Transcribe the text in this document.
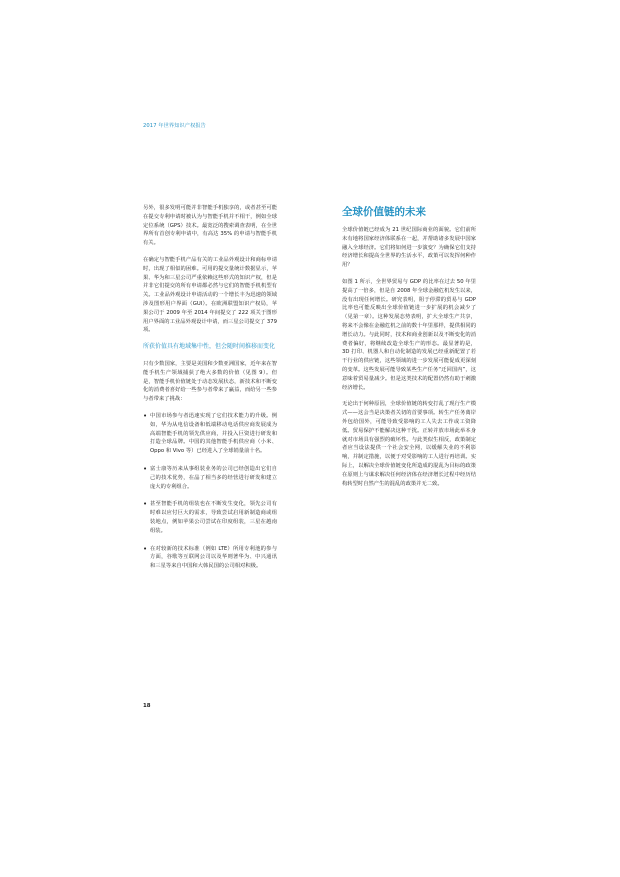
2017 年世界知识产权报告

另外，很多发明可能并非智能手机独享的，或者甚至可能在提交专利申请时被认为与智能手机并不相干，例如全球定位系统（GPS）技术。最宽泛的搜索调查表明，在全世界所有首创专利申请中，有高达 35% 的申请与智能手机有关。

在确定与智能手机产品有关的工业品外观设计和商标申请时，出现了相似的困难。可用的提交量统计数据显示，苹果、华为和三星公司严重依赖这些形式的知识产权，但是并非它们提交的所有申请都必然与它们的智能手机机型有关。工业品外观设计申请活动的一个增长丰为迅速的领域涉及图形用户界面（GUI）。在欧洲联盟知识产权局，苹果公司于 2009 年至 2014 年间提交了 222 项关于图形用户界面的工业品外观设计申请，而三星公司提交了 379 项。

所获价值具有地域集中性，但会随时间推移而变化

只有少数国家，主要是美国和少数亚洲国家，近年来在智能手机生产领域捕获了绝大多数的价值（见图 9）。但是，智能手机价值链处于动态发展状态，新技术和不断变化的消费者喜好给一些参与者带来了赢益，而给另一些参与者带来了挑战：

• 中国市场参与者迅速实现了它们技术能力的升级。例如，华为从电信设备和低端移动电话供应商发展成为高端智能手机的领先供应商，并投入巨资进行研发和打造全球品牌。中国的其他智能手机供应商（小米、Oppo 和 Vivo 等）已经进入了全球销量前十名。
• 富士康等历来从事组装业务的公司已经创造出它们自己的技术优势，在晶了相当多的经营进行研发和建立庞大的专利组合。
• 甚至智能手机的组装也在不断发生变化，领先公司有时难以应付巨大的需求，导致尝试启用新制造商或组装地点，例如苹果公司尝试在印度组装，三星在越南组装。
• 在对较新的技术标准（例如 LTE）所用专利池的参与方面，谷歌等互联网公司以及华则著华为、中兴通讯和三星等来自中国和大韩民国的公司相对积极。
全球价值链的未来

全球价值链已经成为 21 世纪国际商业的面貌。它们前所未有地将国家经济体联系在一起，并帮助诸多发展中国家融入全球经济。它们将如何进一步演变？为确保它们支持经济增长和提高全世界的生活水平，政策可以发挥何种作用？

如图 1 所示，全世界贸易与 GDP 的比率在过去 50 年里提高了一倍多，但是自 2008 年全球金融危机发生以来，没有出现任何增长。研究表明，阻于停滞的贸易与 GDP 比率也可能反映出全球价值链进一步扩展的机会减少了（见第一章）。这种发展态势表明，扩大全球生产共享，将来不会像在金融危机之前的数十年里那样，提供相同的增长动力。与此同时，技术和商业创新以及不断变化的消费者偏好，将继续改造全球生产的形态。最显著的是，3D 打印、机器人和自动化制造的发展已经重新配置了若干行业的供应链，这些领域的进一步发展可能促成更深刻的变革。这些发展可能导致某些生产任务“迁回国内”，这意味着贸易量减少。但是这类技术的配置仍然有助于刺激经济增长。

无论出于何种原因，全球价值链的转变打乱了现行生产模式——这会当是决策者关切的首要事项。转生产任务离岸外包给国外，可能导致受影响的工人失去工作或工资降低。贸易保护不能解决这种干扰。正转并放市场此举本身就对市场具有强烈的破坏性。与此类似生相反，政策制定者应当设法提供一个社会安全网，以缓解失业的不利影响，并制定措施，以便于对受影响的工人进行再培训。实际上，以解决全球价值链变化所造成的混乱为目标的政策在原则上与谋求解决任何经济体在经济增长过程中经历结构转型时自然产生的混乱的政策并无二致。

18
